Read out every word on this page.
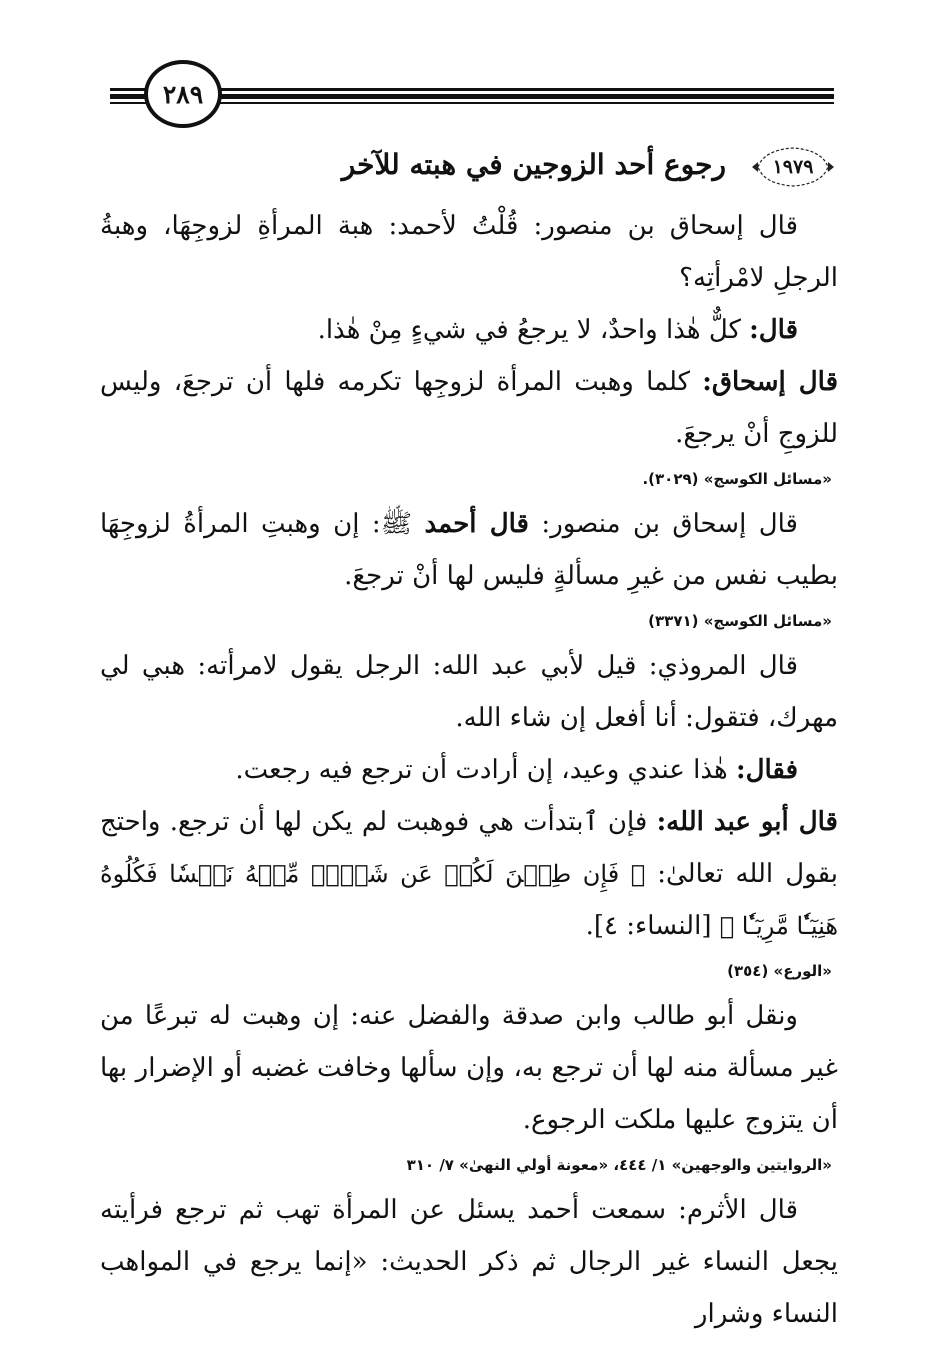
٢٨٩
١٩٧٩
رجوع أحد الزوجين في هبته للآخر

قال إسحاق بن منصور: قُلْتُ لأحمد: هبة المرأةِ لزوجِهَا، وهبةُ الرجلِ لامْرأتِه؟

قال: كلٌّ هٰذا واحدٌ، لا يرجعُ في شيءٍ مِنْ هٰذا.

قال إسحاق: كلما وهبت المرأة لزوجِها تكرمه فلها أن ترجعَ، وليس للزوجِ أنْ يرجعَ.

«مسائل الكوسج» (٣٠٢٩).

قال إسحاق بن منصور: قال أحمد ﷺ: إن وهبتِ المرأةُ لزوجِهَا بطيب نفس من غيرِ مسألةٍ فليس لها أنْ ترجعَ.

«مسائل الكوسج» (٣٣٧١)

قال المروذي: قيل لأبي عبد الله: الرجل يقول لامرأته: هبي لي مهرك، فتقول: أنا أفعل إن شاء الله.

فقال: هٰذا عندي وعيد، إن أرادت أن ترجع فيه رجعت.

قال أبو عبد الله: فإن ٱبتدأت هي فوهبت لم يكن لها أن ترجع. واحتج بقول الله تعالىٰ: ﴿ فَإِن طِبۡنَ لَكُمۡ عَن شَيۡءٖ مِّنۡهُ نَفۡسٗا فَكُلُوهُ هَنِيٓـٔٗا مَّرِيٓـٔٗا ﴾ [النساء: ٤].

«الورع» (٣٥٤)

ونقل أبو طالب وابن صدقة والفضل عنه: إن وهبت له تبرعًا من غير مسألة منه لها أن ترجع به، وإن سألها وخافت غضبه أو الإضرار بها أن يتزوج عليها ملكت الرجوع.

«الروايتين والوجهين» ١/ ٤٤٤، «معونة أولي النهىٰ» ٧/ ٣١٠

قال الأثرم: سمعت أحمد يسئل عن المرأة تهب ثم ترجع فرأيته يجعل النساء غير الرجال ثم ذكر الحديث: «إنما يرجع في المواهب النساء وشرار
